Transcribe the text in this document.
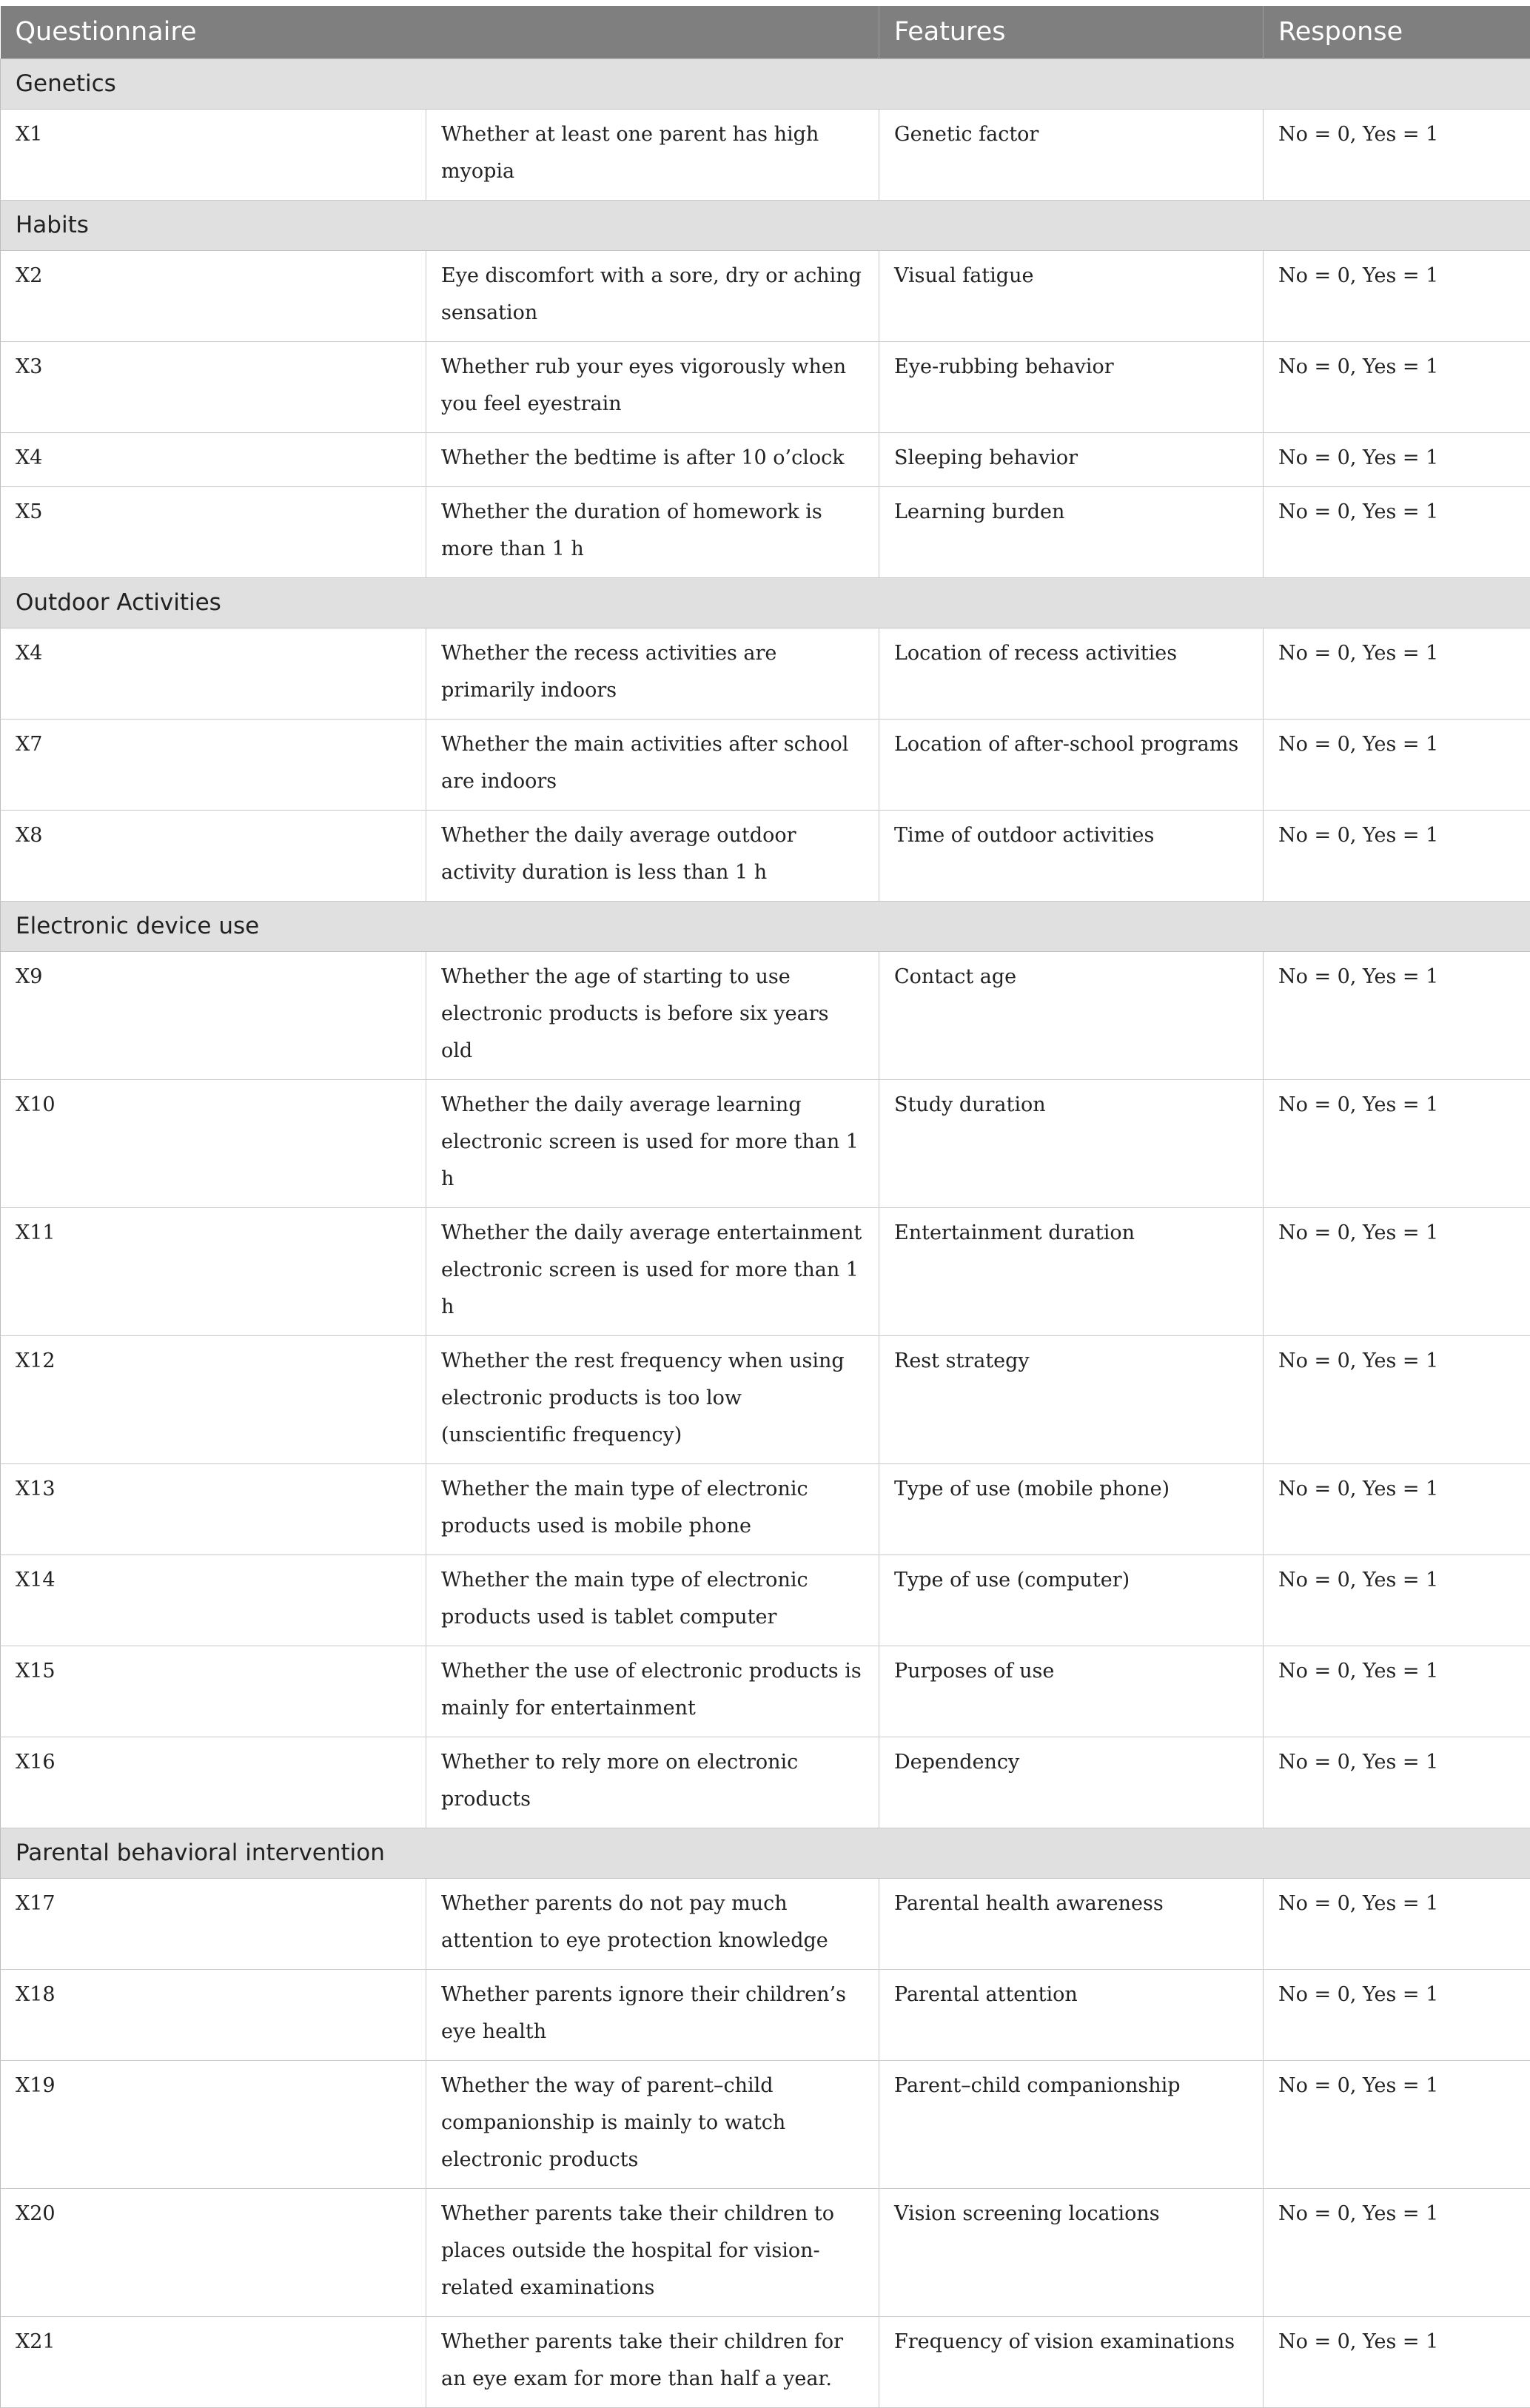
Questionnaire		Features	Response
Genetics			
X1	Whether at least one parent has high myopia	Genetic factor	No = 0, Yes = 1
Habits			
X2	Eye discomfort with a sore, dry or aching sensation	Visual fatigue	No = 0, Yes = 1
X3	Whether rub your eyes vigorously when you feel eyestrain	Eye-rubbing behavior	No = 0, Yes = 1
X4	Whether the bedtime is after 10 o’clock	Sleeping behavior	No = 0, Yes = 1
X5	Whether the duration of homework is more than 1 h	Learning burden	No = 0, Yes = 1
Outdoor Activities			
X4	Whether the recess activities are primarily indoors	Location of recess activities	No = 0, Yes = 1
X7	Whether the main activities after school are indoors	Location of after-school programs	No = 0, Yes = 1
X8	Whether the daily average outdoor activity duration is less than 1 h	Time of outdoor activities	No = 0, Yes = 1
Electronic device use			
X9	Whether the age of starting to use electronic products is before six years old	Contact age	No = 0, Yes = 1
X10	Whether the daily average learning electronic screen is used for more than 1 h	Study duration	No = 0, Yes = 1
X11	Whether the daily average entertainment electronic screen is used for more than 1 h	Entertainment duration	No = 0, Yes = 1
X12	Whether the rest frequency when using electronic products is too low (unscientific frequency)	Rest strategy	No = 0, Yes = 1
X13	Whether the main type of electronic products used is mobile phone	Type of use (mobile phone)	No = 0, Yes = 1
X14	Whether the main type of electronic products used is tablet computer	Type of use (computer)	No = 0, Yes = 1
X15	Whether the use of electronic products is mainly for entertainment	Purposes of use	No = 0, Yes = 1
X16	Whether to rely more on electronic products	Dependency	No = 0, Yes = 1
Parental behavioral intervention			
X17	Whether parents do not pay much attention to eye protection knowledge	Parental health awareness	No = 0, Yes = 1
X18	Whether parents ignore their children’s eye health	Parental attention	No = 0, Yes = 1
X19	Whether the way of parent–child companionship is mainly to watch electronic products	Parent–child companionship	No = 0, Yes = 1
X20	Whether parents take their children to places outside the hospital for vision-related examinations	Vision screening locations	No = 0, Yes = 1
X21	Whether parents take their children for an eye exam for more than half a year.	Frequency of vision examinations	No = 0, Yes = 1
